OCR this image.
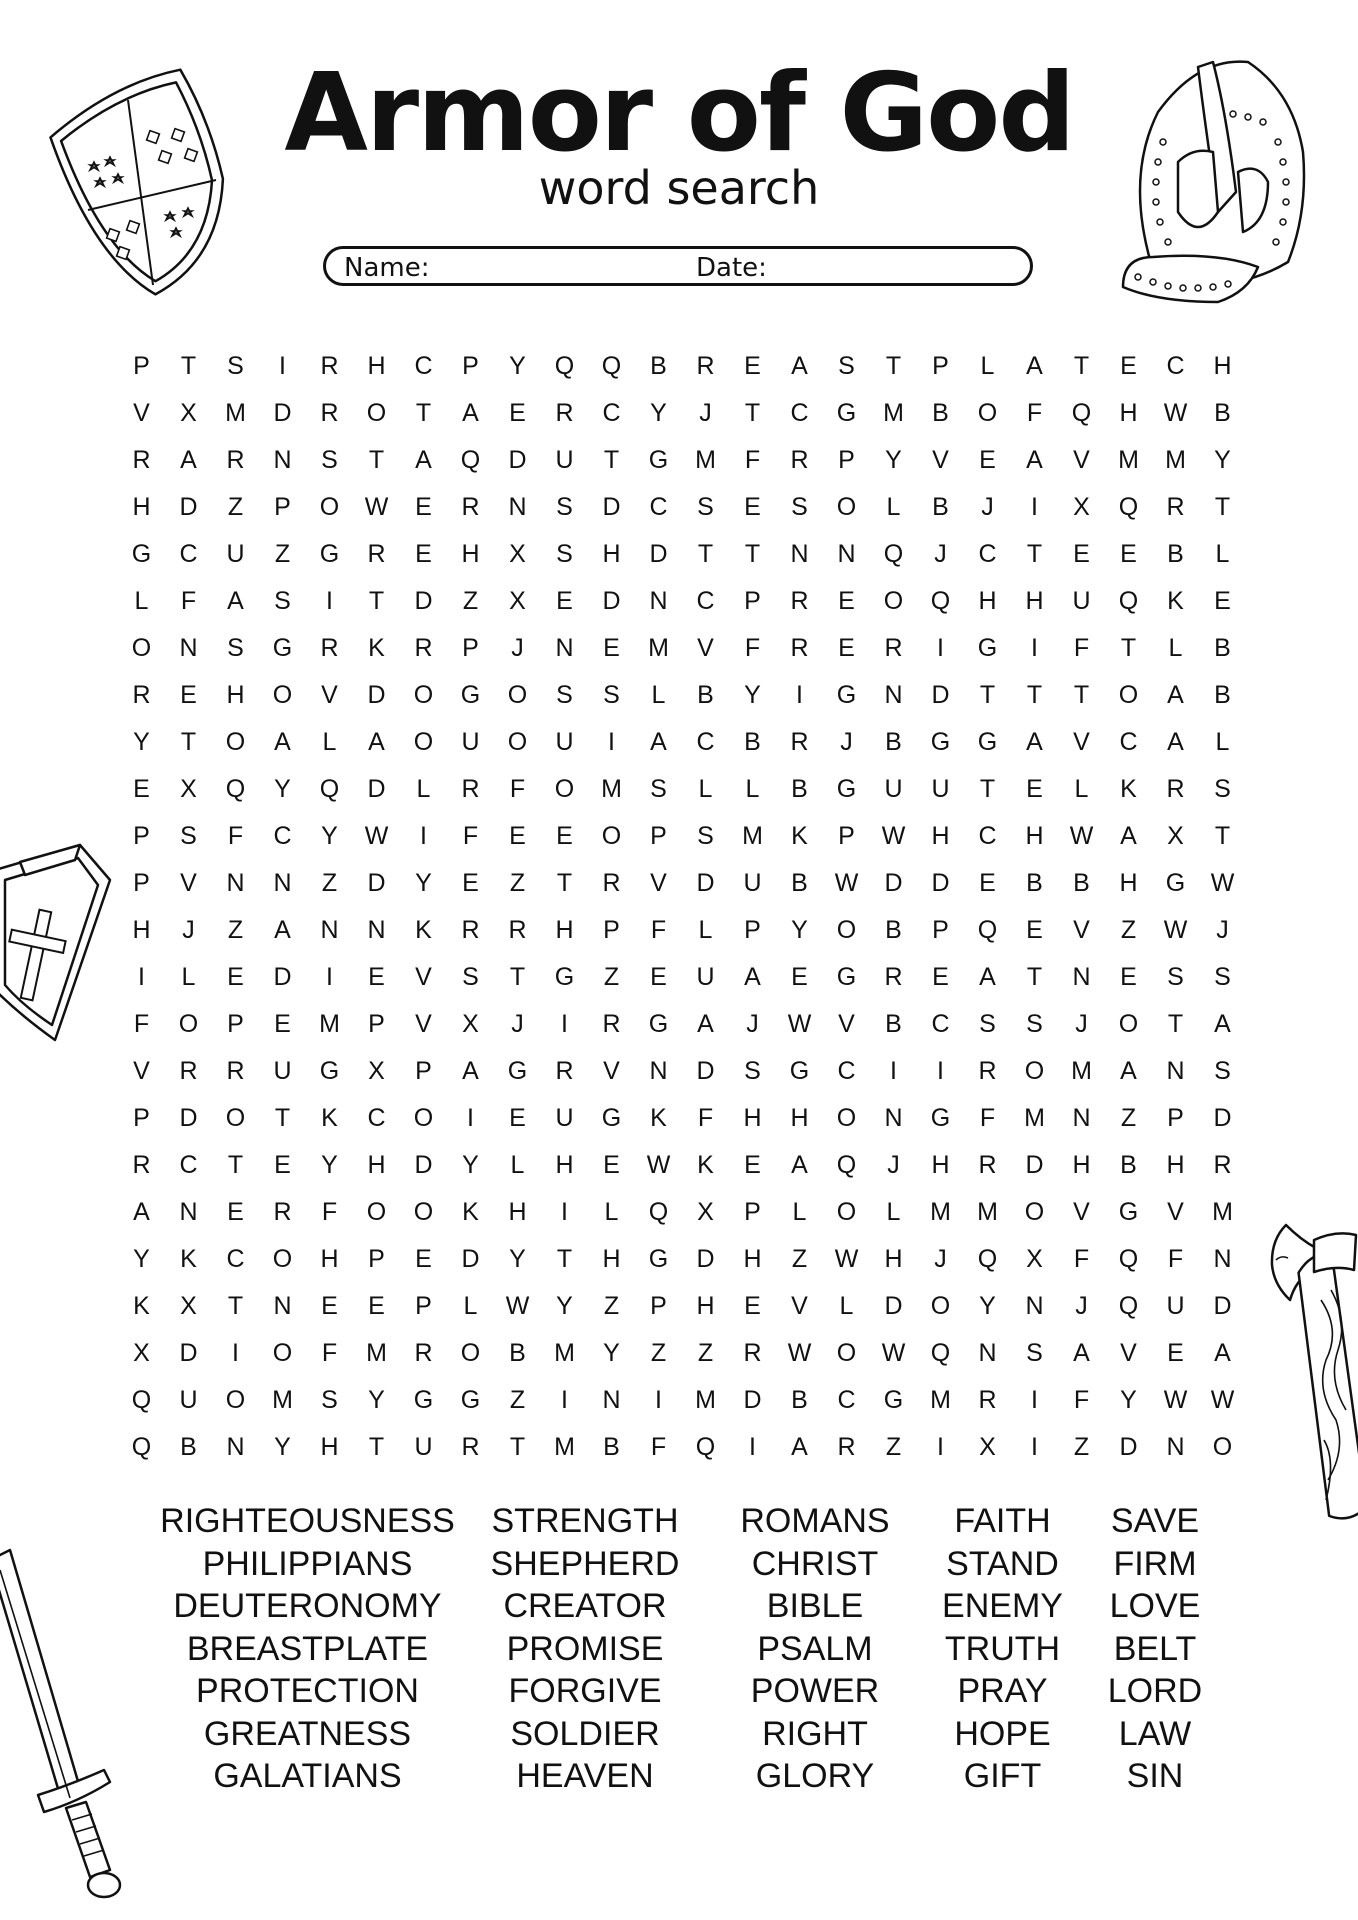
Armor of God
word search
Name:	Date:
P	T	S	I	R	H	C	P	Y	Q	Q	B	R	E	A	S	T	P	L	A	T	E	C	H
V	X	M	D	R	O	T	A	E	R	C	Y	J	T	C	G	M	B	O	F	Q	H	W	B
R	A	R	N	S	T	A	Q	D	U	T	G	M	F	R	P	Y	V	E	A	V	M	M	Y
H	D	Z	P	O	W	E	R	N	S	D	C	S	E	S	O	L	B	J	I	X	Q	R	T
G	C	U	Z	G	R	E	H	X	S	H	D	T	T	N	N	Q	J	C	T	E	E	B	L
L	F	A	S	I	T	D	Z	X	E	D	N	C	P	R	E	O	Q	H	H	U	Q	K	E
O	N	S	G	R	K	R	P	J	N	E	M	V	F	R	E	R	I	G	I	F	T	L	B
R	E	H	O	V	D	O	G	O	S	S	L	B	Y	I	G	N	D	T	T	T	O	A	B
Y	T	O	A	L	A	O	U	O	U	I	A	C	B	R	J	B	G	G	A	V	C	A	L
E	X	Q	Y	Q	D	L	R	F	O	M	S	L	L	B	G	U	U	T	E	L	K	R	S
P	S	F	C	Y	W	I	F	E	E	O	P	S	M	K	P	W	H	C	H	W	A	X	T
P	V	N	N	Z	D	Y	E	Z	T	R	V	D	U	B	W	D	D	E	B	B	H	G	W
H	J	Z	A	N	N	K	R	R	H	P	F	L	P	Y	O	B	P	Q	E	V	Z	W	J
I	L	E	D	I	E	V	S	T	G	Z	E	U	A	E	G	R	E	A	T	N	E	S	S
F	O	P	E	M	P	V	X	J	I	R	G	A	J	W	V	B	C	S	S	J	O	T	A
V	R	R	U	G	X	P	A	G	R	V	N	D	S	G	C	I	I	R	O	M	A	N	S
P	D	O	T	K	C	O	I	E	U	G	K	F	H	H	O	N	G	F	M	N	Z	P	D
R	C	T	E	Y	H	D	Y	L	H	E	W	K	E	A	Q	J	H	R	D	H	B	H	R
A	N	E	R	F	O	O	K	H	I	L	Q	X	P	L	O	L	M	M	O	V	G	V	M
Y	K	C	O	H	P	E	D	Y	T	H	G	D	H	Z	W	H	J	Q	X	F	Q	F	N
K	X	T	N	E	E	P	L	W	Y	Z	P	H	E	V	L	D	O	Y	N	J	Q	U	D
X	D	I	O	F	M	R	O	B	M	Y	Z	Z	R	W	O	W	Q	N	S	A	V	E	A
Q	U	O	M	S	Y	G	G	Z	I	N	I	M	D	B	C	G	M	R	I	F	Y	W W
Q	B	N	Y	H	T	U	R	T	M	B	F	Q	I	A	R	Z	I	X	I	Z	D	N	O
RIGHTEOUSNESS
PHILIPPIANS
DEUTERONOMY
BREASTPLATE
PROTECTION
GREATNESS
GALATIANS
STRENGTH
SHEPHERD
CREATOR
PROMISE
FORGIVE
SOLDIER
HEAVEN
ROMANS
CHRIST
BIBLE
PSALM
POWER
RIGHT
GLORY
FAITH
STAND
ENEMY
TRUTH
PRAY
HOPE
GIFT
SAVE
FIRM
LOVE
BELT
LORD
LAW
SIN
